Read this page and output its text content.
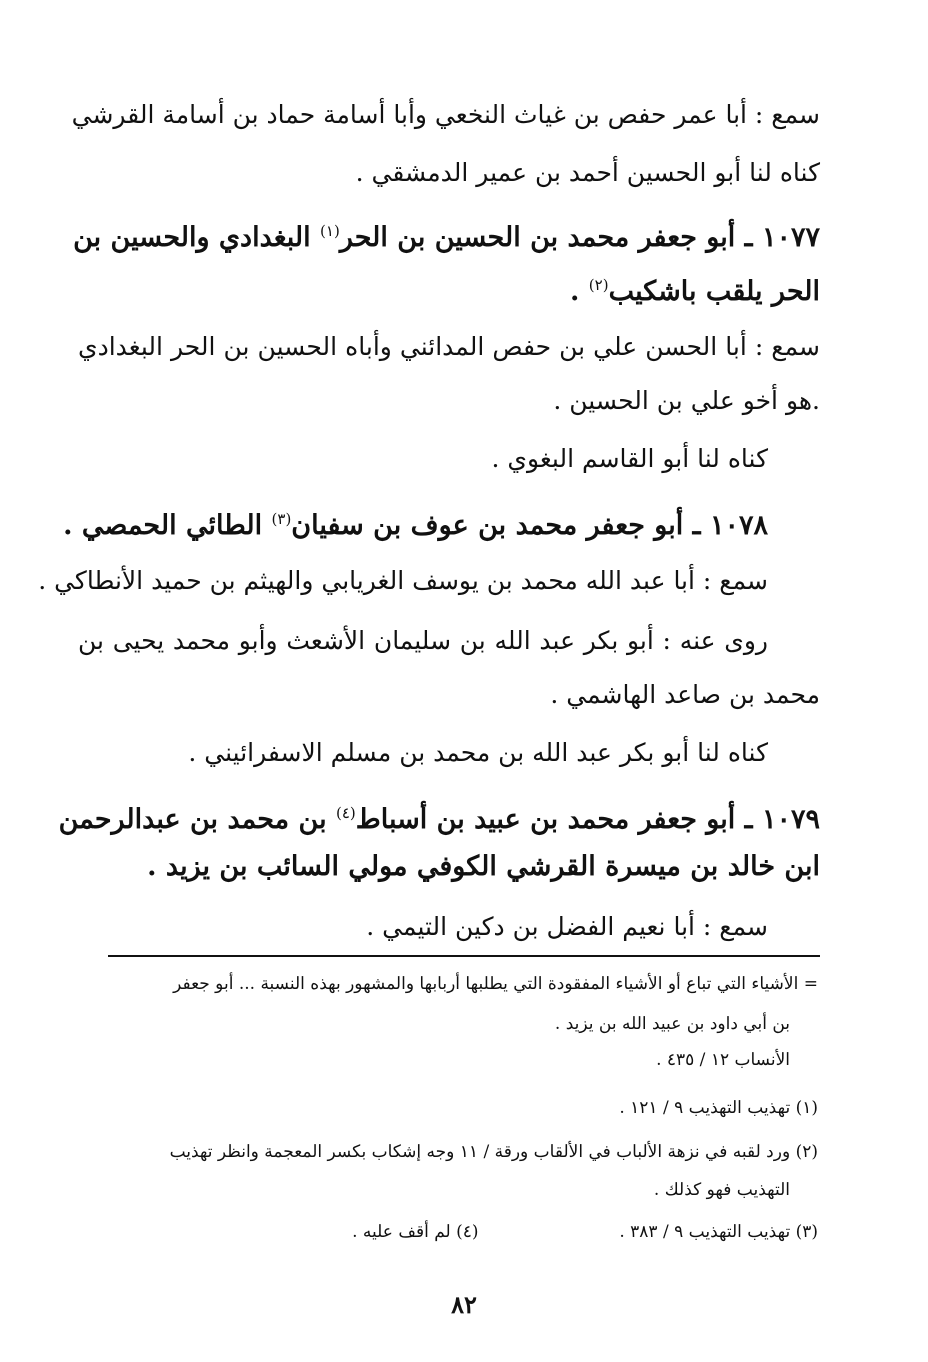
سمع : أبا عمر حفص بن غياث النخعي وأبا أسامة حماد بن أسامة القرشي
كناه لنا أبو الحسين أحمد بن عمير الدمشقي .
١٠٧٧ ـ أبو جعفر محمد بن الحسين بن الحر$^{(١)}$ البغدادي والحسين بن
الحر يلقب باشكيب$^{(٢)}$ .
سمع : أبا الحسن علي بن حفص المدائني وأباه الحسين بن الحر البغدادي
.هو أخو علي بن الحسين .
كناه لنا أبو القاسم البغوي .
١٠٧٨ ـ أبو جعفر محمد بن عوف بن سفيان$^{(٣)}$ الطائي الحمصي .
سمع : أبا عبد الله محمد بن يوسف الغريابي والهيثم بن حميد الأنطاكي .
روى عنه : أبو بكر عبد الله بن سليمان الأشعث وأبو محمد يحيى بن
محمد بن صاعد الهاشمي .
كناه لنا أبو بكر عبد الله بن محمد بن مسلم الاسفرائيني .
١٠٧٩ ـ أبو جعفر محمد بن عبيد بن أسباط$^{(٤)}$ بن محمد بن عبدالرحمن
ابن خالد بن ميسرة القرشي الكوفي مولي السائب بن يزيد .
سمع : أبا نعيم الفضل بن دكين التيمي .
= الأشياء التي تباع أو الأشياء المفقودة التي يطلبها أربابها والمشهور بهذه النسبة ... أبو جعفر
بن أبي داود بن عبيد الله بن يزيد .
الأنساب ١٢ / ٤٣٥ .
(١) تهذيب التهذيب ٩ / ١٢١ .
(٢) ورد لقبه في نزهة الألباب في الألقاب ورقة / ١١ وجه إشكاب بكسر المعجمة وانظر تهذيب
التهذيب فهو كذلك .
(٣) تهذيب التهذيب ٩ / ٣٨٣ .  (٤) لم أقف عليه .
٨٢
